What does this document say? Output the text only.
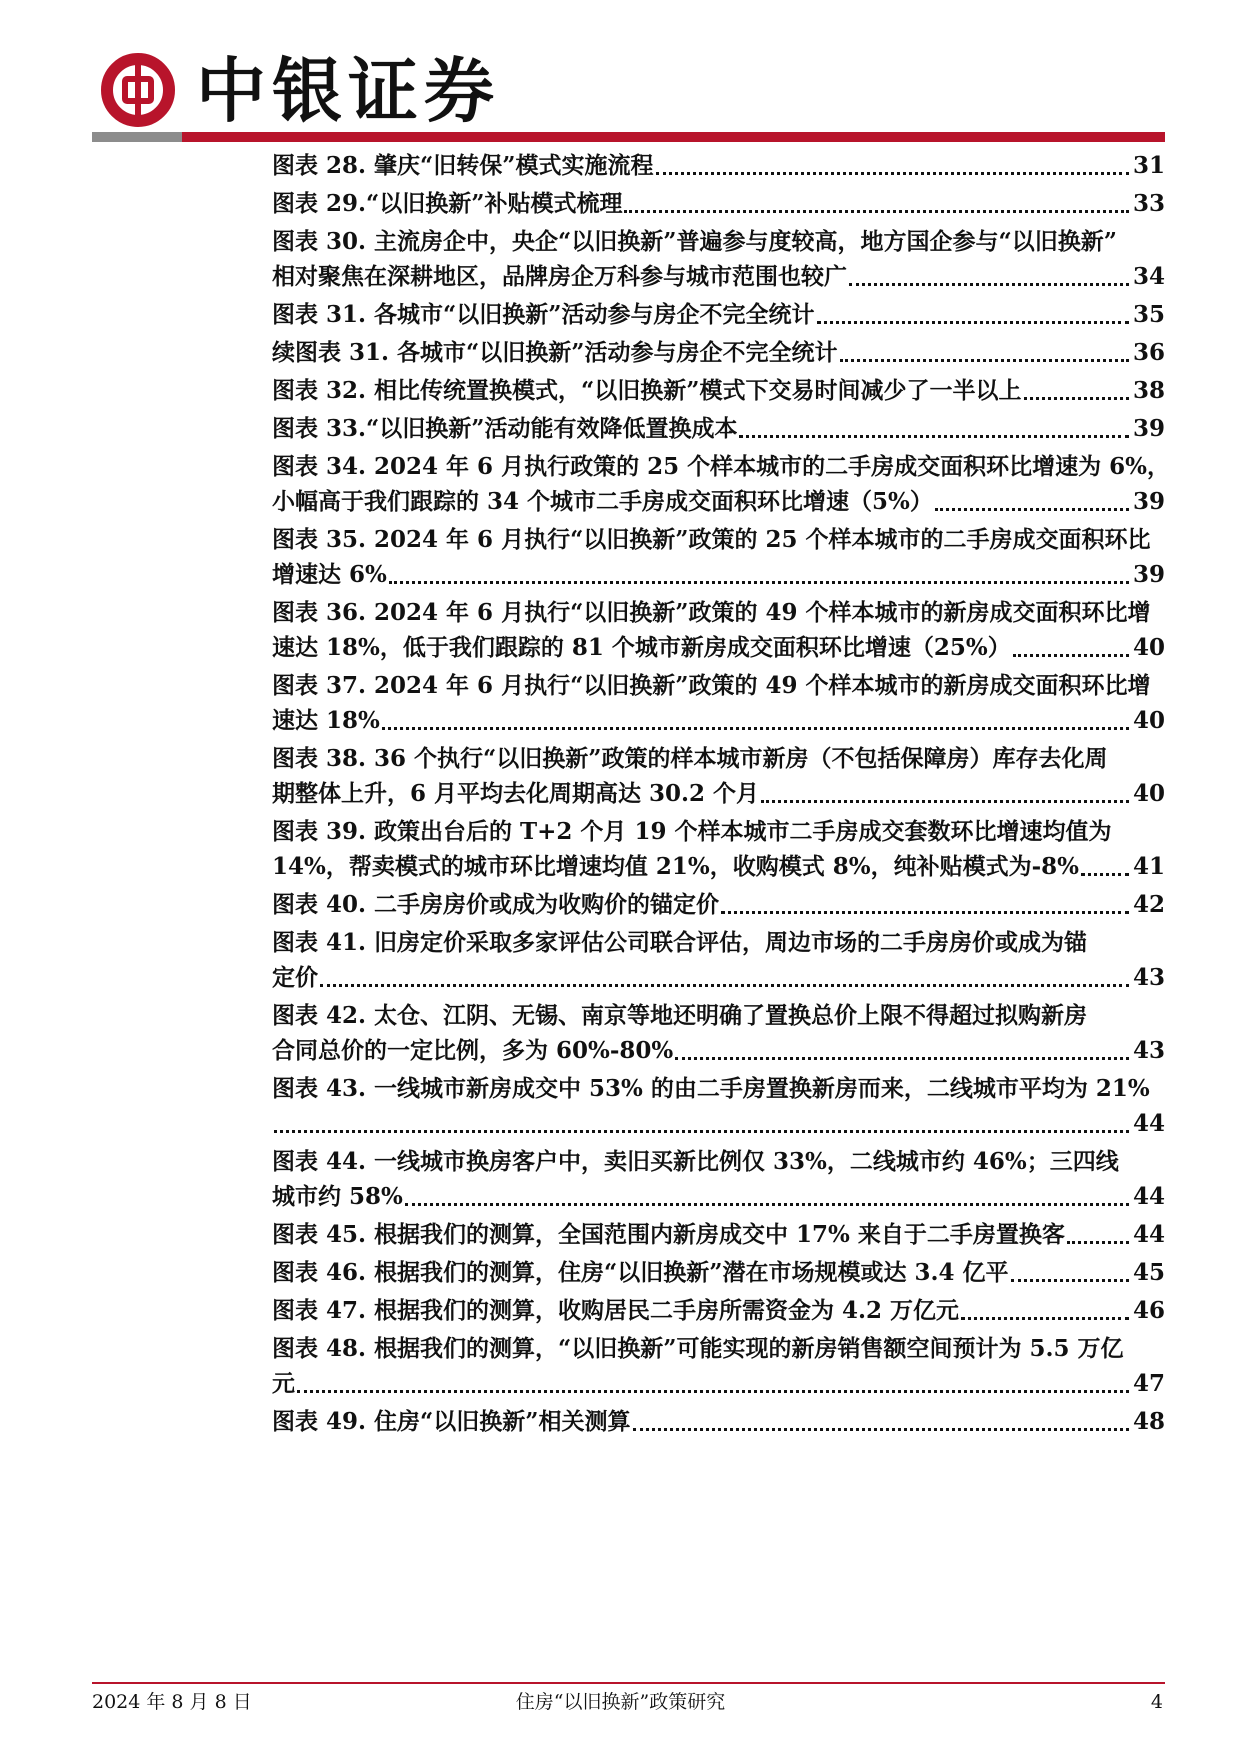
中银证券
图表 28. 肇庆“旧转保”模式实施流程	31
图表 29.“以旧换新”补贴模式梳理	33
图表 30. 主流房企中，央企“以旧换新”普遍参与度较高，地方国企参与“以旧换新”
相对聚焦在深耕地区，品牌房企万科参与城市范围也较广	34
图表 31. 各城市“以旧换新”活动参与房企不完全统计	35
续图表 31. 各城市“以旧换新”活动参与房企不完全统计	36
图表 32. 相比传统置换模式，“以旧换新”模式下交易时间减少了一半以上	38
图表 33.“以旧换新”活动能有效降低置换成本	39
图表 34. 2024 年 6 月执行政策的 25 个样本城市的二手房成交面积环比增速为 6%，
小幅高于我们跟踪的 34 个城市二手房成交面积环比增速（5%）	39
图表 35. 2024 年 6 月执行“以旧换新”政策的 25 个样本城市的二手房成交面积环比
增速达 6%	39
图表 36. 2024 年 6 月执行“以旧换新”政策的 49 个样本城市的新房成交面积环比增
速达 18%，低于我们跟踪的 81 个城市新房成交面积环比增速（25%）	40
图表 37. 2024 年 6 月执行“以旧换新”政策的 49 个样本城市的新房成交面积环比增
速达 18%	40
图表 38. 36 个执行“以旧换新”政策的样本城市新房（不包括保障房）库存去化周
期整体上升，6 月平均去化周期高达 30.2 个月	40
图表 39. 政策出台后的 T+2 个月 19 个样本城市二手房成交套数环比增速均值为
14%，帮卖模式的城市环比增速均值 21%，收购模式 8%，纯补贴模式为-8% 41
图表 40. 二手房房价或成为收购价的锚定价	42
图表 41. 旧房定价采取多家评估公司联合评估，周边市场的二手房房价或成为锚
定价	43
图表 42. 太仓、江阴、无锡、南京等地还明确了置换总价上限不得超过拟购新房
合同总价的一定比例，多为 60%-80%	43
图表 43. 一线城市新房成交中 53% 的由二手房置换新房而来，二线城市平均为 21%
44
图表 44. 一线城市换房客户中，卖旧买新比例仅 33%，二线城市约 46%；三四线
城市约 58%	44
图表 45. 根据我们的测算，全国范围内新房成交中 17% 来自于二手房置换客	44
图表 46. 根据我们的测算，住房“以旧换新”潜在市场规模或达 3.4 亿平	45
图表 47. 根据我们的测算，收购居民二手房所需资金为 4.2 万亿元	46
图表 48. 根据我们的测算，“以旧换新”可能实现的新房销售额空间预计为 5.5 万亿
元	47
图表 49. 住房“以旧换新”相关测算	48
2024 年 8 月 8 日	住房“以旧换新”政策研究	4
